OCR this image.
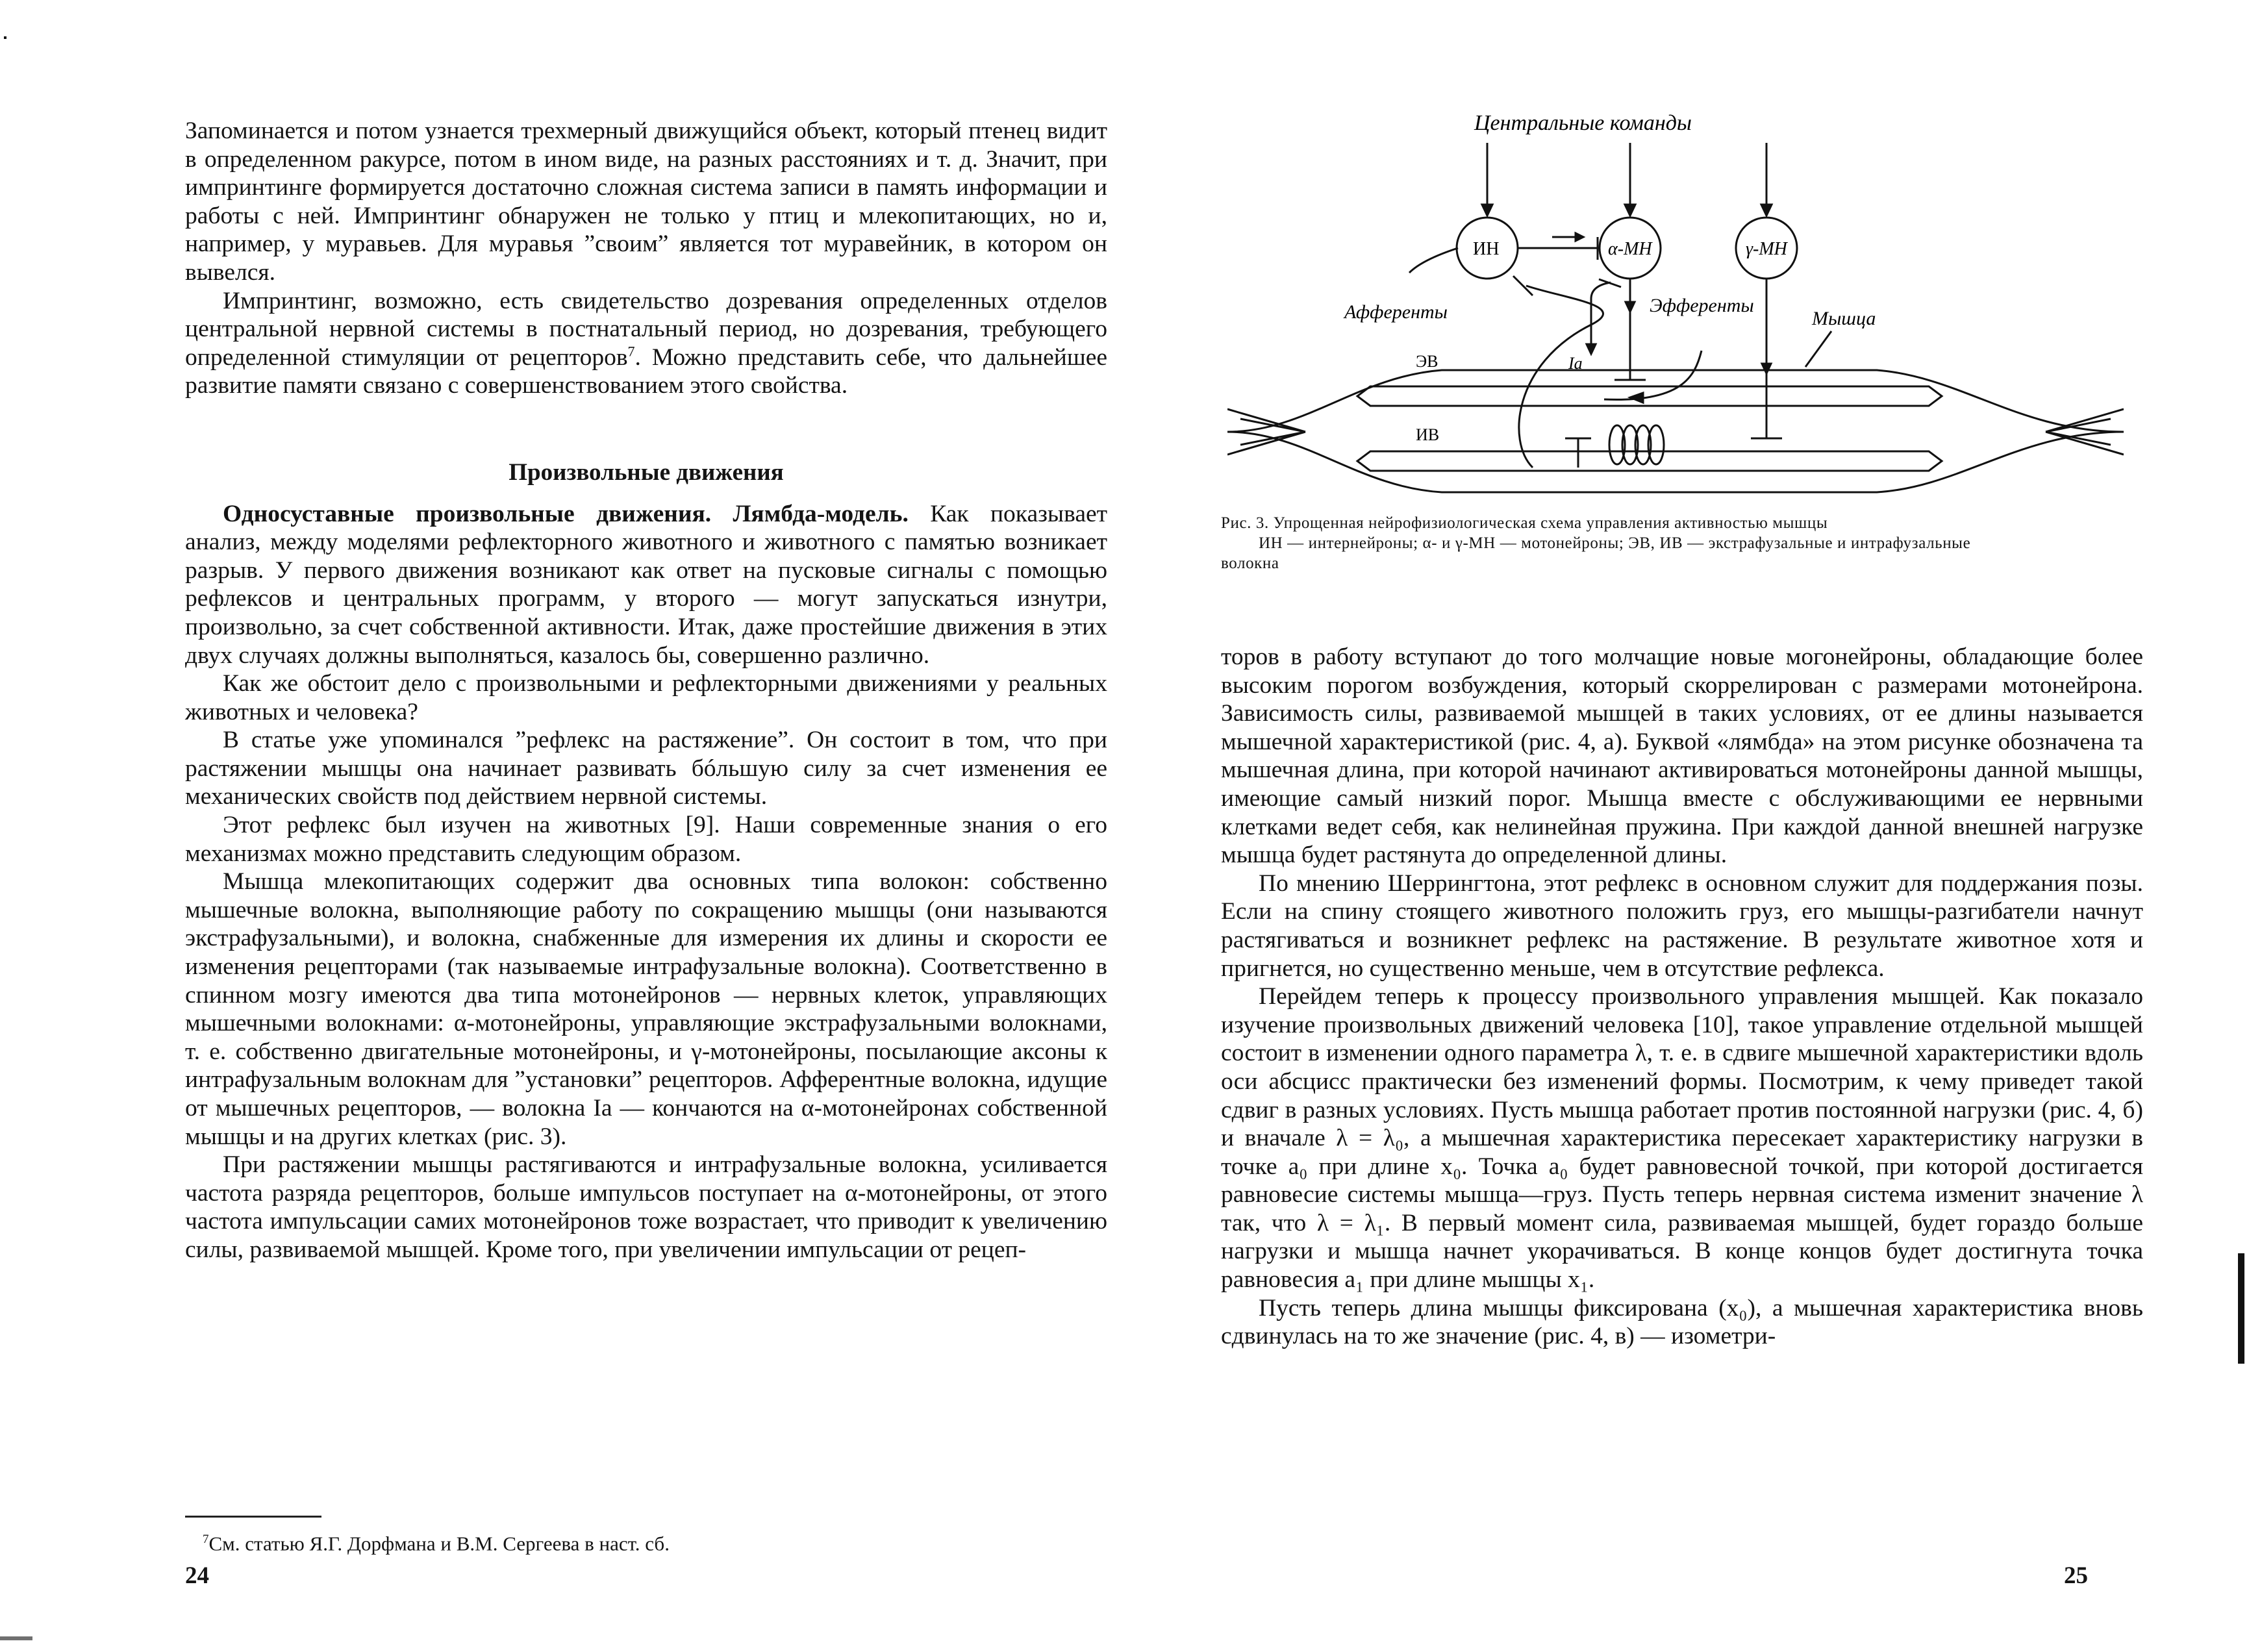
Запоминается и потом узнается трехмерный движущийся объект, который птенец видит в определенном ракурсе, потом в ином виде, на разных расстояниях и т. д. Значит, при импринтинге формируется достаточно сложная система записи в память информации и работы с ней. Импринтинг обнаружен не только у птиц и млекопитающих, но и, например, у муравьев. Для муравья ”своим” является тот муравейник, в котором он вывелся.

Импринтинг, возможно, есть свидетельство дозревания определенных отделов центральной нервной системы в постнатальный период, но дозревания, требующего определенной стимуляции от рецепторов$^7$. Можно представить себе, что дальнейшее развитие памяти связано с совершенствованием этого свойства.

Произвольные движения

Односуставные произвольные движения. Лямбда-модель. Как показывает анализ, между моделями рефлекторного животного и животного с памятью возникает разрыв. У первого движения возникают как ответ на пусковые сигналы с помощью рефлексов и центральных программ, у второго — могут запускаться изнутри, произвольно, за счет собственной активности. Итак, даже простейшие движения в этих двух случаях должны выполняться, казалось бы, совершенно различно.

Как же обстоит дело с произвольными и рефлекторными движениями у реальных животных и человека?

В статье уже упоминался ”рефлекс на растяжение”. Он состоит в том, что при растяжении мышцы она начинает развивать бóльшую силу за счет изменения ее механических свойств под действием нервной системы.

Этот рефлекс был изучен на животных [9]. Наши современные знания о его механизмах можно представить следующим образом.

Мышца млекопитающих содержит два основных типа волокон: собственно мышечные волокна, выполняющие работу по сокращению мышцы (они называются экстрафузальными), и волокна, снабженные для измерения их длины и скорости ее изменения рецепторами (так называемые интрафузальные волокна). Соответственно в спинном мозгу имеются два типа мотонейронов — нервных клеток, управляющих мышечными волокнами: α-мотонейроны, управляющие экстрафузальными волокнами, т. е. собственно двигательные мотонейроны, и γ-мотонейроны, посылающие аксоны к интрафузальным волокнам для ”установки” рецепторов. Афферентные волокна, идущие от мышечных рецепторов, — волокна Ia — кончаются на α-мотонейронах собственной мышцы и на других клетках (рис. 3).

При растяжении мышцы растягиваются и интрафузальные волокна, усиливается частота разряда рецепторов, больше импульсов поступает на α-мотонейроны, от этого частота импульсации самих мотонейронов тоже возрастает, что приводит к увеличению силы, развиваемой мышцей. Кроме того, при увеличении импульсации от рецеп-

$^7$См. статью Я.Г. Дорфмана и В.М. Сергеева в наст. сб.
24
Центральные команды
ИН	α-МН	γ-МН
Афференты	Эфференты
Мышца
ЭВ
ИВ
Ia
Рис. 3. Упрощенная нейрофизиологическая схема управления активностью мышцы
ИН — интернейроны; α- и γ-МН — мотонейроны; ЭВ, ИВ — экстрафузальные и интрафузальные
волокна

торов в работу вступают до того молчащие новые могонейроны, обладающие более высоким порогом возбуждения, который скоррелирован с размерами мотонейрона. Зависимость силы, развиваемой мышцей в таких условиях, от ее длины называется мышечной характеристикой (рис. 4, а). Буквой «лямбда» на этом рисунке обозначена та мышечная длина, при которой начинают активироваться мотонейроны данной мышцы, имеющие самый низкий порог. Мышца вместе с обслуживающими ее нервными клетками ведет себя, как нелинейная пружина. При каждой данной внешней нагрузке мышца будет растянута до определенной длины.

По мнению Шеррингтона, этот рефлекс в основном служит для поддержания позы. Если на спину стоящего животного положить груз, его мышцы-разгибатели начнут растягиваться и возникнет рефлекс на растяжение. В результате животное хотя и пригнется, но существенно меньше, чем в отсутствие рефлекса.

Перейдем теперь к процессу произвольного управления мышцей. Как показало изучение произвольных движений человека [10], такое управление отдельной мышцей состоит в изменении одного параметра λ, т. е. в сдвиге мышечной характеристики вдоль оси абсцисс практически без изменений формы. Посмотрим, к чему приведет такой сдвиг в разных условиях. Пусть мышца работает против постоянной нагрузки (рис. 4, б) и вначале λ = λ₀, а мышечная характеристика пересекает характеристику нагрузки в точке a₀ при длине x₀. Точка a₀ будет равновесной точкой, при которой достигается равновесие системы мышца—груз. Пусть теперь нервная система изменит значение λ так, что λ = λ₁. В первый момент сила, развиваемая мышцей, будет гораздо больше нагрузки и мышца начнет укорачиваться. В конце концов будет достигнута точка равновесия a₁ при длине мышцы x₁.

Пусть теперь длина мышцы фиксирована (x₀), а мышечная характеристика вновь сдвинулась на то же значение (рис. 4, в) — изометри-

25
